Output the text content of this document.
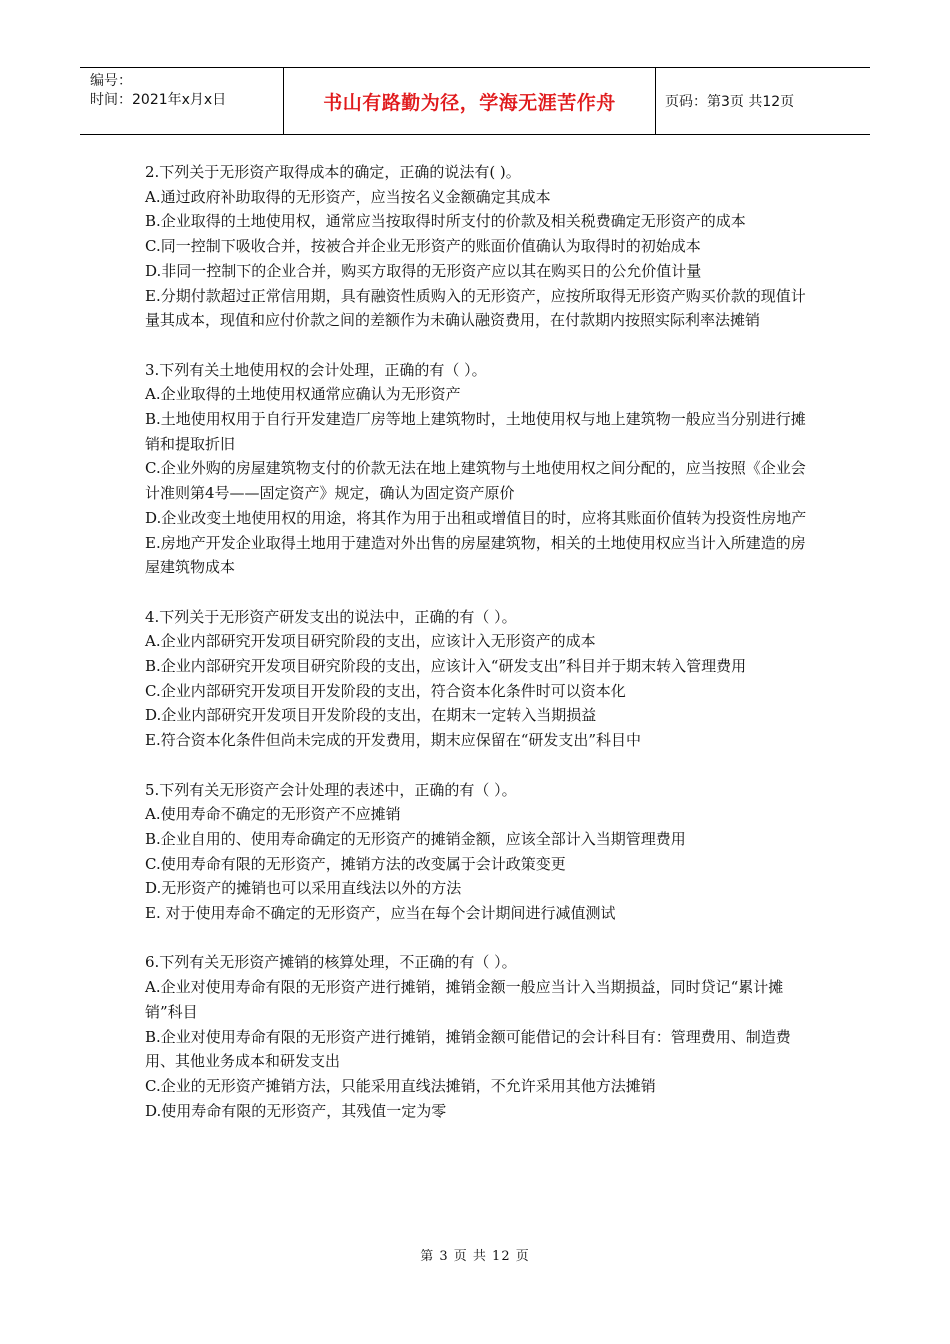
编号：
时间：2021年x月x日	书山有路勤为径，学海无涯苦作舟	页码：第3页 共12页

2.下列关于无形资产取得成本的确定，正确的说法有( )。

A.通过政府补助取得的无形资产，应当按名义金额确定其成本

B.企业取得的土地使用权，通常应当按取得时所支付的价款及相关税费确定无形资产的成本

C.同一控制下吸收合并，按被合并企业无形资产的账面价值确认为取得时的初始成本

D.非同一控制下的企业合并，购买方取得的无形资产应以其在购买日的公允价值计量

E.分期付款超过正常信用期，具有融资性质购入的无形资产，应按所取得无形资产购买价款的现值计量其成本，现值和应付价款之间的差额作为未确认融资费用，在付款期内按照实际利率法摊销

3.下列有关土地使用权的会计处理，正确的有（ ）。

A.企业取得的土地使用权通常应确认为无形资产

B.土地使用权用于自行开发建造厂房等地上建筑物时，土地使用权与地上建筑物一般应当分别进行摊销和提取折旧

C.企业外购的房屋建筑物支付的价款无法在地上建筑物与土地使用权之间分配的，应当按照《企业会计准则第4号——固定资产》规定，确认为固定资产原价

D.企业改变土地使用权的用途，将其作为用于出租或增值目的时，应将其账面价值转为投资性房地产

E.房地产开发企业取得土地用于建造对外出售的房屋建筑物，相关的土地使用权应当计入所建造的房屋建筑物成本

4.下列关于无形资产研发支出的说法中，正确的有（ ）。

A.企业内部研究开发项目研究阶段的支出，应该计入无形资产的成本

B.企业内部研究开发项目研究阶段的支出，应该计入“研发支出”科目并于期末转入管理费用

C.企业内部研究开发项目开发阶段的支出，符合资本化条件时可以资本化

D.企业内部研究开发项目开发阶段的支出，在期末一定转入当期损益

E.符合资本化条件但尚未完成的开发费用，期末应保留在“研发支出”科目中

5.下列有关无形资产会计处理的表述中，正确的有（ ）。

A.使用寿命不确定的无形资产不应摊销

B.企业自用的、使用寿命确定的无形资产的摊销金额，应该全部计入当期管理费用

C.使用寿命有限的无形资产，摊销方法的改变属于会计政策变更

D.无形资产的摊销也可以采用直线法以外的方法

E. 对于使用寿命不确定的无形资产，应当在每个会计期间进行减值测试

6.下列有关无形资产摊销的核算处理，不正确的有（ ）。

A.企业对使用寿命有限的无形资产进行摊销，摊销金额一般应当计入当期损益，同时贷记“累计摊销”科目

B.企业对使用寿命有限的无形资产进行摊销，摊销金额可能借记的会计科目有：管理费用、制造费用、其他业务成本和研发支出

C.企业的无形资产摊销方法，只能采用直线法摊销，不允许采用其他方法摊销

D.使用寿命有限的无形资产，其残值一定为零

第 3 页 共 12 页
